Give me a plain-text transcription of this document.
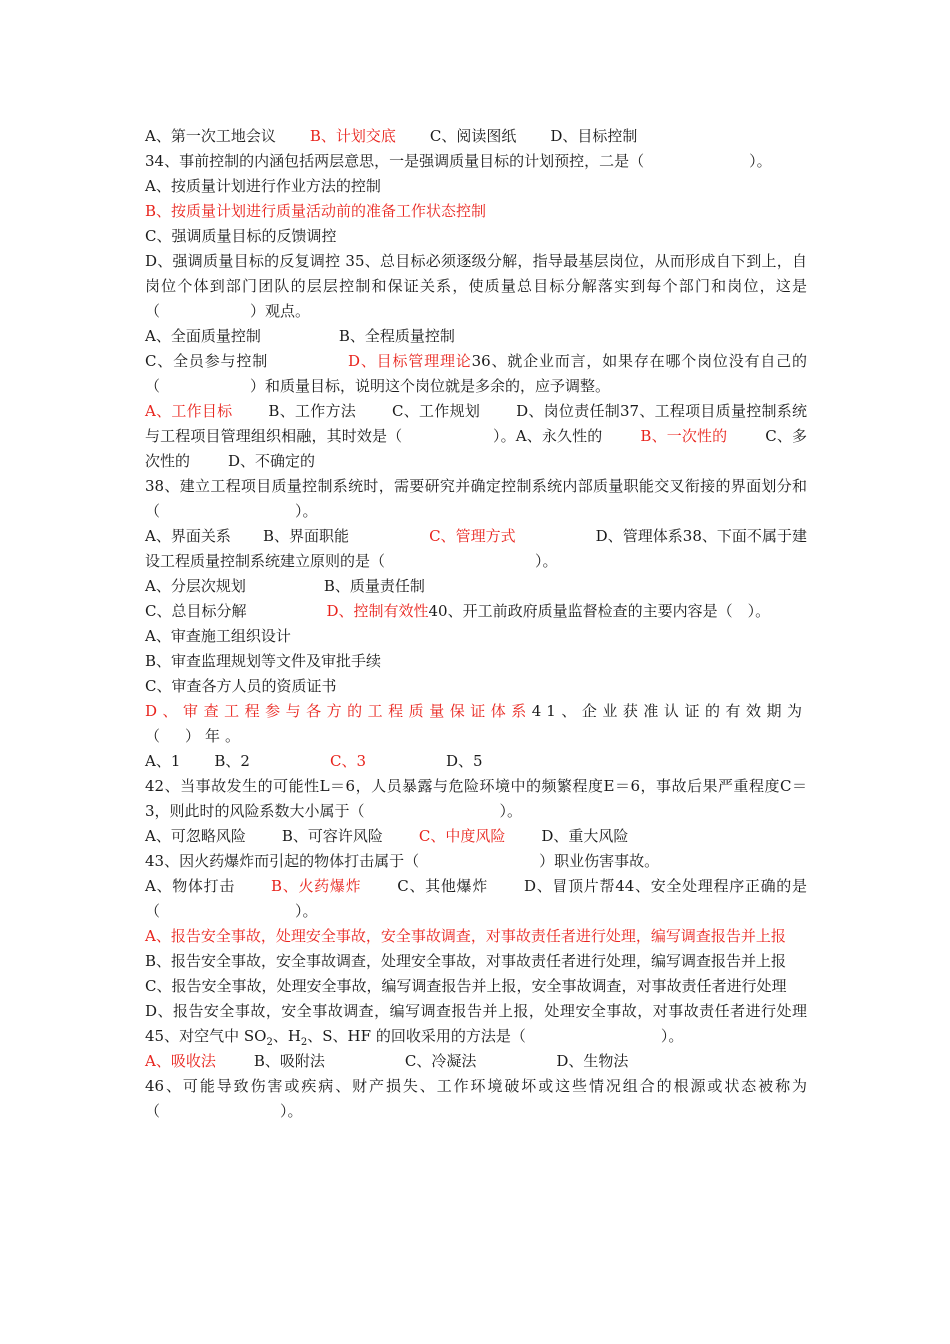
A、第一次工地会议 B、计划交底 C、阅读图纸 D、目标控制
34、事前控制的内涵包括两层意思，一是强调质量目标的计划预控，二是（　　　　　　　）。
A、按质量计划进行作业方法的控制
B、按质量计划进行质量活动前的准备工作状态控制
C、强调质量目标的反馈调控
D、强调质量目标的反复调控 35、总目标必须逐级分解，指导最基层岗位，从而形成自下到上，自岗位个体到部门团队的层层控制和保证关系，使质量总目标分解落实到每个部门和岗位，这是（　　　　　　）观点。
A、全面质量控制	B、全程质量控制
C、全员参与控制	D、目标管理理论36、就企业而言，如果存在哪个岗位没有自己的（　　　　　　）和质量目标，说明这个岗位就是多余的，应予调整。
A、工作目标 B、工作方法 C、工作规划 D、岗位责任制37、工程项目质量控制系统与工程项目管理组织相融，其时效是（　　　　　　）。A、永久性的	B、一次性的	C、多次性的	D、不确定的
38、建立工程项目质量控制系统时，需要研究并确定控制系统内部质量职能交叉衔接的界面划分和（　　　　　　　　　）。
A、界面关系 B、界面职能	C、管理方式	D、管理体系38、下面不属于建设工程质量控制系统建立原则的是（　　　　　　　　　　）。
A、分层次规划	B、质量责任制
C、总目标分解	D、控制有效性40、开工前政府质量监督检查的主要内容是（　）。
A、审查施工组织设计
B、审查监理规划等文件及审批手续
C、审查各方人员的资质证书
D、审查工程参与各方的工程质量保证体系41、企业获准认证的有效期为（　）年。
A、1 B、2	C、3	D、5
42、当事故发生的可能性L＝6，人员暴露与危险环境中的频繁程度E＝6，事故后果严重程度C＝3，则此时的风险系数大小属于（　　　　　　　　　）。
A、可忽略风险 B、可容许风险 C、中度风险 D、重大风险
43、因火药爆炸而引起的物体打击属于（　　　　　　　　）职业伤害事故。
A、物体打击 B、火药爆炸 C、其他爆炸 D、冒顶片帮44、安全处理程序正确的是（　　　　　　　　　）。
A、报告安全事故，处理安全事故，安全事故调查，对事故责任者进行处理，编写调查报告并上报
B、报告安全事故，安全事故调查，处理安全事故，对事故责任者进行处理，编写调查报告并上报
C、报告安全事故，处理安全事故，编写调查报告并上报，安全事故调查，对事故责任者进行处理
D、报告安全事故，安全事故调查，编写调查报告并上报，处理安全事故，对事故责任者进行处理45、对空气中 $SO_2$、$H_2$、S、HF 的回收采用的方法是（　　　　　　　　　）。
A、吸收法	B、吸附法	C、冷凝法	D、生物法
46、可能导致伤害或疾病、财产损失、工作环境破坏或这些情况组合的根源或状态被称为（　　　　　　　　）。
